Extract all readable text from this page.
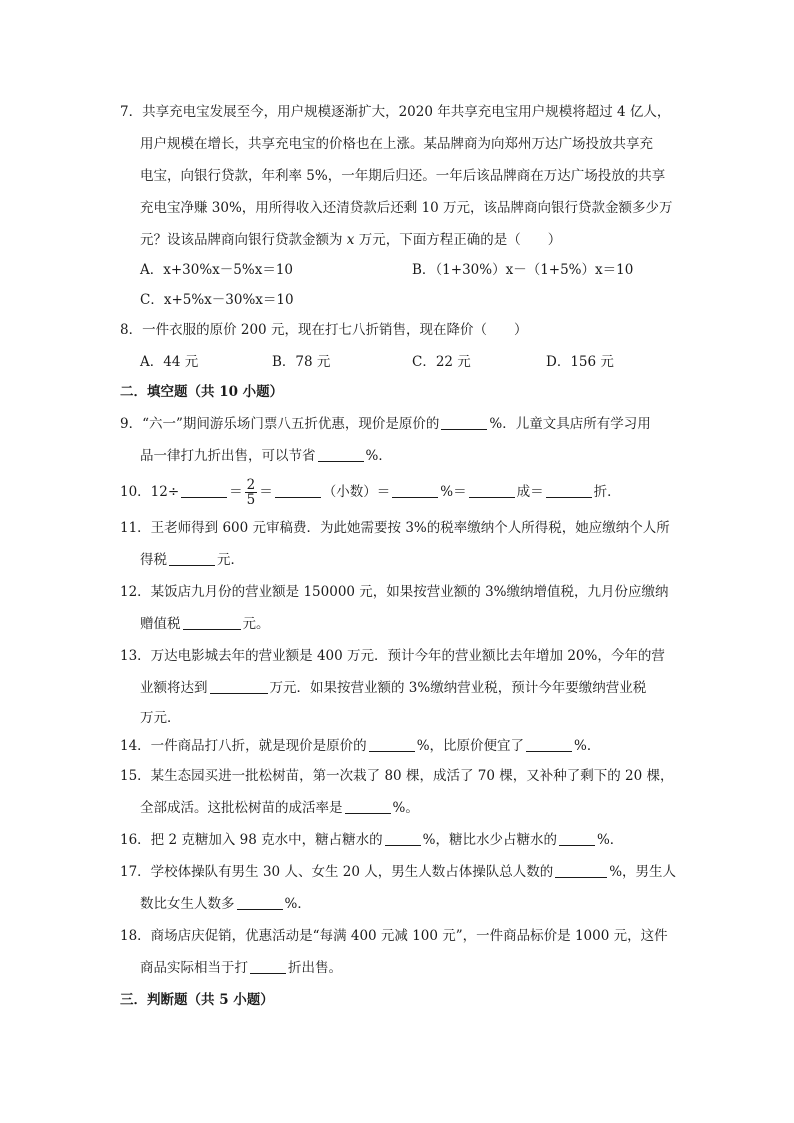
7．共享充电宝发展至今，用户规模逐渐扩大，2020 年共享充电宝用户规模将超过 4 亿人，
用户规模在增长，共享充电宝的价格也在上涨。某品牌商为向郑州万达广场投放共享充
电宝，向银行贷款，年利率 5%，一年期后归还。一年后该品牌商在万达广场投放的共享
充电宝净赚 30%，用所得收入还清贷款后还剩 10 万元，该品牌商向银行贷款金额多少万
元？设该品牌商向银行贷款金额为 x 万元，下面方程正确的是（　　）
A．x+30%x－5%x＝10	B．（1+30%）x－（1+5%）x＝10
C．x+5%x－30%x＝10
8．一件衣服的原价 200 元，现在打七八折销售，现在降价（　　）
A．44 元	B．78 元	C．22 元	D．156 元
二．填空题（共 10 小题）
9．“六一”期间游乐场门票八五折优惠，现价是原价的	%．儿童文具店所有学习用
品一律打九折出售，可以节省	%．
10．12÷	＝ $\frac{2}{5}$ ＝	（小数）＝	%＝	成＝	折．
11．王老师得到 600 元审稿费．为此她需要按 3%的税率缴纳个人所得税，她应缴纳个人所
得税	元．
12．某饭店九月份的营业额是 150000 元，如果按营业额的 3%缴纳增值税，九月份应缴纳
赠值税	元。
13．万达电影城去年的营业额是 400 万元．预计今年的营业额比去年增加 20%，今年的营
业额将达到	万元．如果按营业额的 3%缴纳营业税，预计今年要缴纳营业税
万元．
14．一件商品打八折，就是现价是原价的	%，比原价便宜了	%．
15．某生态园买进一批松树苗，第一次栽了 80 棵，成活了 70 棵，又补种了剩下的 20 棵，
全部成活。这批松树苗的成活率是	%。
16．把 2 克糖加入 98 克水中，糖占糖水的	%，糖比水少占糖水的	%．
17．学校体操队有男生 30 人、女生 20 人，男生人数占体操队总人数的	%，男生人
数比女生人数多	%．
18．商场店庆促销，优惠活动是“每满 400 元减 100 元”，一件商品标价是 1000 元，这件
商品实际相当于打	折出售。
三．判断题（共 5 小题）
